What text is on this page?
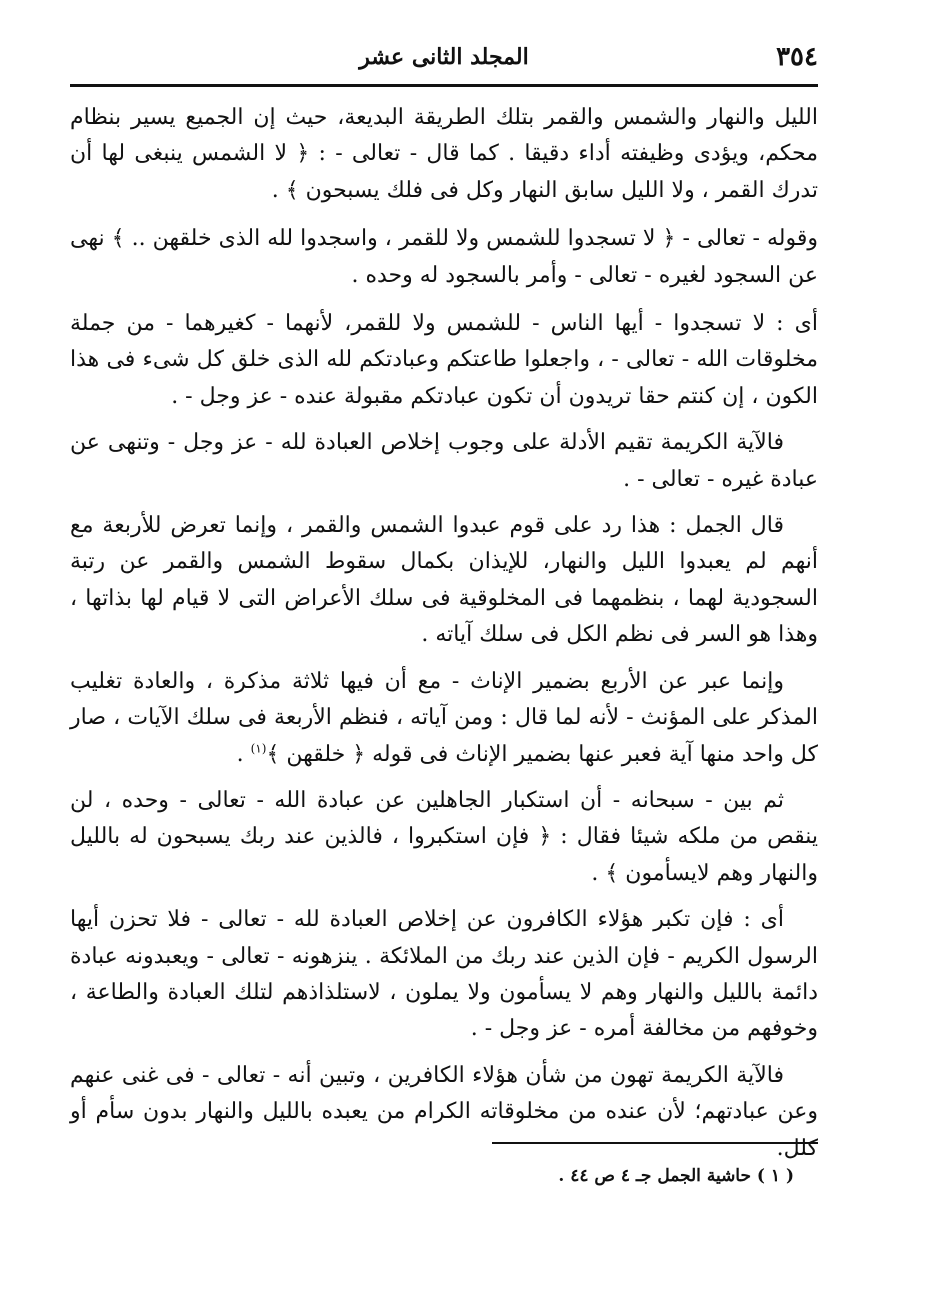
٣٥٤
المجلد الثانى عشر

الليل والنهار والشمس والقمر بتلك الطريقة البديعة، حيث إن الجميع يسير بنظام محكم، ويؤدى وظيفته أداء دقيقا . كما قال - تعالى - : ﴿ لا الشمس ينبغى لها أن تدرك القمر ، ولا الليل سابق النهار وكل فى فلك يسبحون ﴾ .

وقوله - تعالى - ﴿ لا تسجدوا للشمس ولا للقمر ، واسجدوا لله الذى خلقهن .. ﴾ نهى عن السجود لغيره - تعالى - وأمر بالسجود له وحده .

أى : لا تسجدوا - أيها الناس - للشمس ولا للقمر، لأنهما - كغيرهما - من جملة مخلوقات الله - تعالى - ، واجعلوا طاعتكم وعبادتكم لله الذى خلق كل شىء فى هذا الكون ، إن كنتم حقا تريدون أن تكون عبادتكم مقبولة عنده - عز وجل - .

فالآية الكريمة تقيم الأدلة على وجوب إخلاص العبادة لله - عز وجل - وتنهى عن عبادة غيره - تعالى - .

قال الجمل : هذا رد على قوم عبدوا الشمس والقمر ، وإنما تعرض للأربعة مع أنهم لم يعبدوا الليل والنهار، للإيذان بكمال سقوط الشمس والقمر عن رتبة السجودية لهما ، بنظمهما فى المخلوقية فى سلك الأعراض التى لا قيام لها بذاتها ، وهذا هو السر فى نظم الكل فى سلك آياته .

وإنما عبر عن الأربع بضمير الإناث - مع أن فيها ثلاثة مذكرة ، والعادة تغليب المذكر على المؤنث - لأنه لما قال : ومن آياته ، فنظم الأربعة فى سلك الآيات ، صار كل واحد منها آية فعبر عنها بضمير الإناث فى قوله ﴿ خلقهن ﴾$^{(١)}$ .

ثم بين - سبحانه - أن استكبار الجاهلين عن عبادة الله - تعالى - وحده ، لن ينقص من ملكه شيئا فقال : ﴿ فإن استكبروا ، فالذين عند ربك يسبحون له بالليل والنهار وهم لايسأمون ﴾ .

أى : فإن تكبر هؤلاء الكافرون عن إخلاص العبادة لله - تعالى - فلا تحزن أيها الرسول الكريم - فإن الذين عند ربك من الملائكة . ينزهونه - تعالى - ويعبدونه عبادة دائمة بالليل والنهار وهم لا يسأمون ولا يملون ، لاستلذاذهم لتلك العبادة والطاعة ، وخوفهم من مخالفة أمره - عز وجل - .

فالآية الكريمة تهون من شأن هؤلاء الكافرين ، وتبين أنه - تعالى - فى غنى عنهم وعن عبادتهم؛ لأن عنده من مخلوقاته الكرام من يعبده بالليل والنهار بدون سأم أو كلل.

( ١ ) حاشية الجمل جـ ٤ ص ٤٤ .
